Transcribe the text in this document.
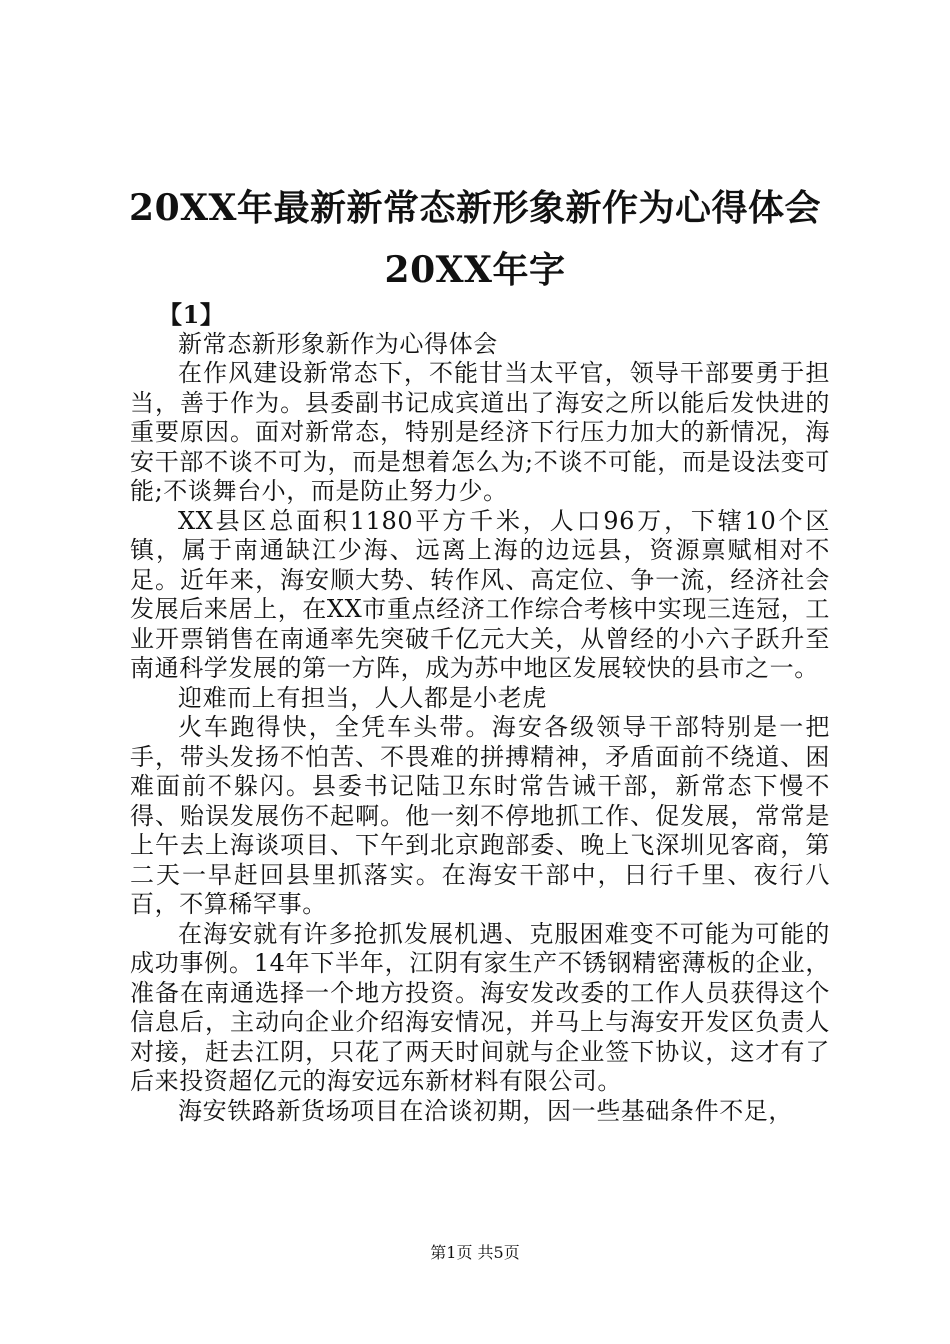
20XX年最新新常态新形象新作为心得体会
20XX年字

【1】

新常态新形象新作为心得体会

在作风建设新常态下，不能甘当太平官，领导干部要勇于担当，善于作为。县委副书记成宾道出了海安之所以能后发快进的重要原因。面对新常态，特别是经济下行压力加大的新情况，海安干部不谈不可为，而是想着怎么为;不谈不可能，而是设法变可能;不谈舞台小，而是防止努力少。

XX县区总面积1180平方千米，人口96万，下辖10个区镇，属于南通缺江少海、远离上海的边远县，资源禀赋相对不足。近年来，海安顺大势、转作风、高定位、争一流，经济社会发展后来居上，在XX市重点经济工作综合考核中实现三连冠，工业开票销售在南通率先突破千亿元大关，从曾经的小六子跃升至南通科学发展的第一方阵，成为苏中地区发展较快的县市之一。

迎难而上有担当，人人都是小老虎

火车跑得快，全凭车头带。海安各级领导干部特别是一把手，带头发扬不怕苦、不畏难的拼搏精神，矛盾面前不绕道、困难面前不躲闪。县委书记陆卫东时常告诫干部，新常态下慢不得、贻误发展伤不起啊。他一刻不停地抓工作、促发展，常常是上午去上海谈项目、下午到北京跑部委、晚上飞深圳见客商，第二天一早赶回县里抓落实。在海安干部中，日行千里、夜行八百，不算稀罕事。

在海安就有许多抢抓发展机遇、克服困难变不可能为可能的成功事例。14年下半年，江阴有家生产不锈钢精密薄板的企业，准备在南通选择一个地方投资。海安发改委的工作人员获得这个信息后，主动向企业介绍海安情况，并马上与海安开发区负责人对接，赶去江阴，只花了两天时间就与企业签下协议，这才有了后来投资超亿元的海安远东新材料有限公司。

海安铁路新货场项目在洽谈初期，因一些基础条件不足，

第1页 共5页
